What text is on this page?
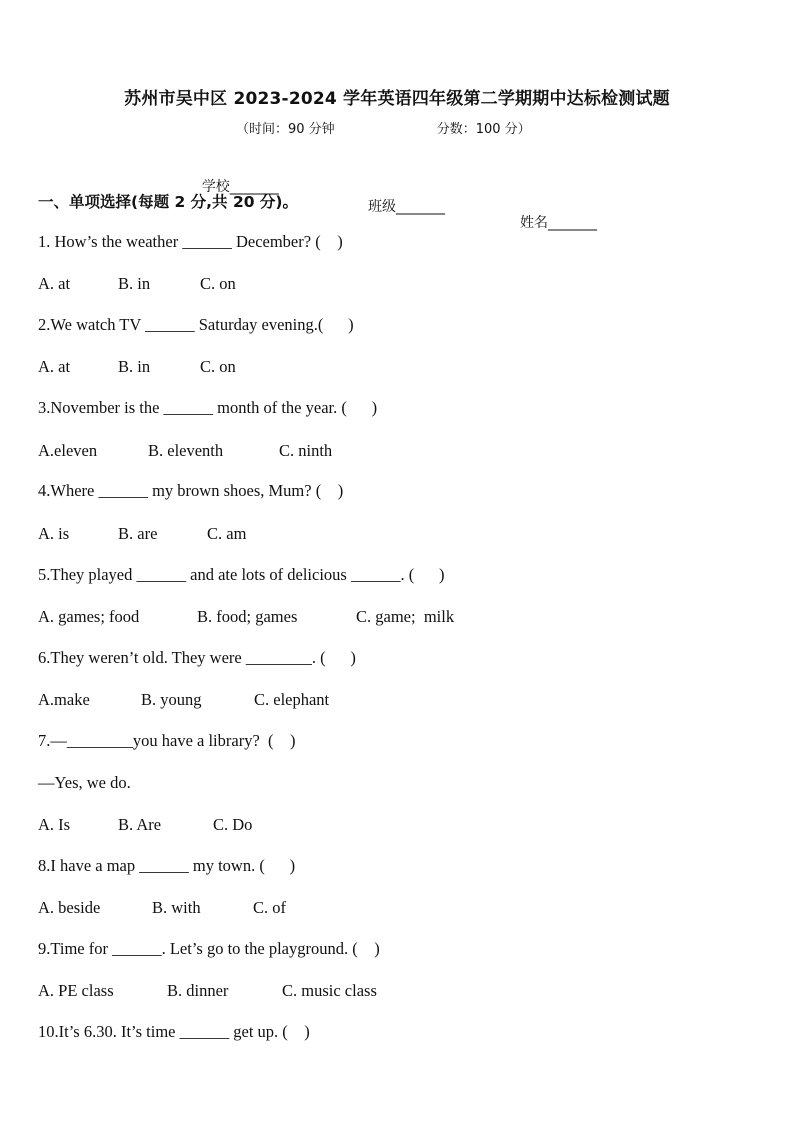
苏州市吴中区 2023-2024 学年英语四年级第二学期期中达标检测试题
（时间：90 分钟	分数：100 分）

学校_______

班级_______

姓名_______

一、单项选择(每题 2 分,共 20 分)。
1. How’s the weather ______ December? (    )

A. at

	B. in

	C. on

2.We watch TV ______ Saturday evening.(      )

A. at

	B. in

	C. on

3.November is the ______ month of the year. (      )

A.eleven

	B. eleventh

	C. ninth

4.Where ______ my brown shoes, Mum? (    )

A. is

	B. are

	C. am

5.They played ______ and ate lots of delicious ______. (      )

A. games; food

	B. food; games

	C. game;  milk

6.They weren’t old. They were ________. (      )

A.make

	B. young

	C. elephant

7.—________you have a library?  (    )
—Yes, we do.

A. Is

	B. Are

	C. Do

8.I have a map ______ my town. (      )

A. beside

	B. with

	C. of

9.Time for ______. Let’s go to the playground. (    )

A. PE class

	B. dinner

	C. music class

10.It’s 6.30. It’s time ______ get up. (    )
